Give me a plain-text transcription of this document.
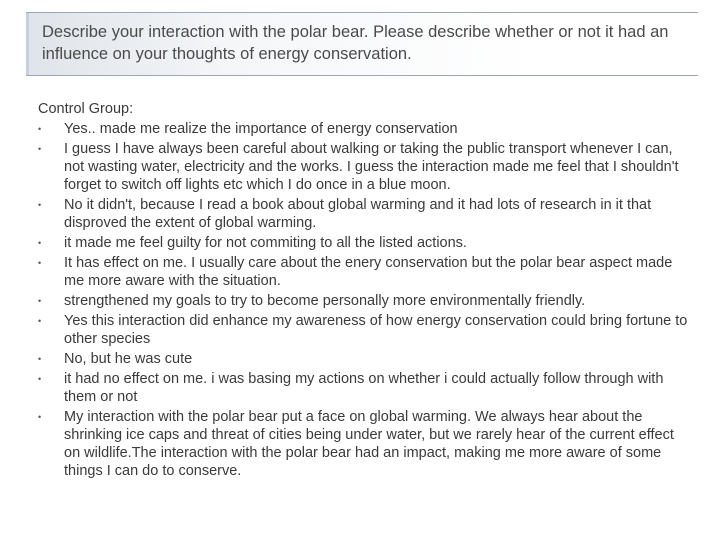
Describe your interaction with the polar bear. Please describe whether or not it had an influence on your thoughts of energy conservation.
Control Group:
•	Yes.. made me realize the importance of energy conservation
•	I guess I have always been careful about walking or taking the public transport whenever I can, not wasting water, electricity and the works. I guess the interaction made me feel that I shouldn't forget to switch off lights etc which I do once in a blue moon.
•	No it didn't, because I read a book about global warming and it had lots of research in it that disproved the extent of global warming.
•	it made me feel guilty for not commiting to all the listed actions.
•	It has effect on me. I usually care about the enery conservation but the polar bear aspect made me more aware with the situation.
•	strengthened my goals to try to become personally more environmentally friendly.
•	Yes this interaction did enhance my awareness of how energy conservation could bring fortune to other species
•	No, but he was cute
•	it had no effect on me. i was basing my actions on whether i could actually follow through with them or not
•	My interaction with the polar bear put a face on global warming. We always hear about the shrinking ice caps and threat of cities being under water, but we rarely hear of the current effect on wildlife.The interaction with the polar bear had an impact, making me more aware of some things I can do to conserve.
